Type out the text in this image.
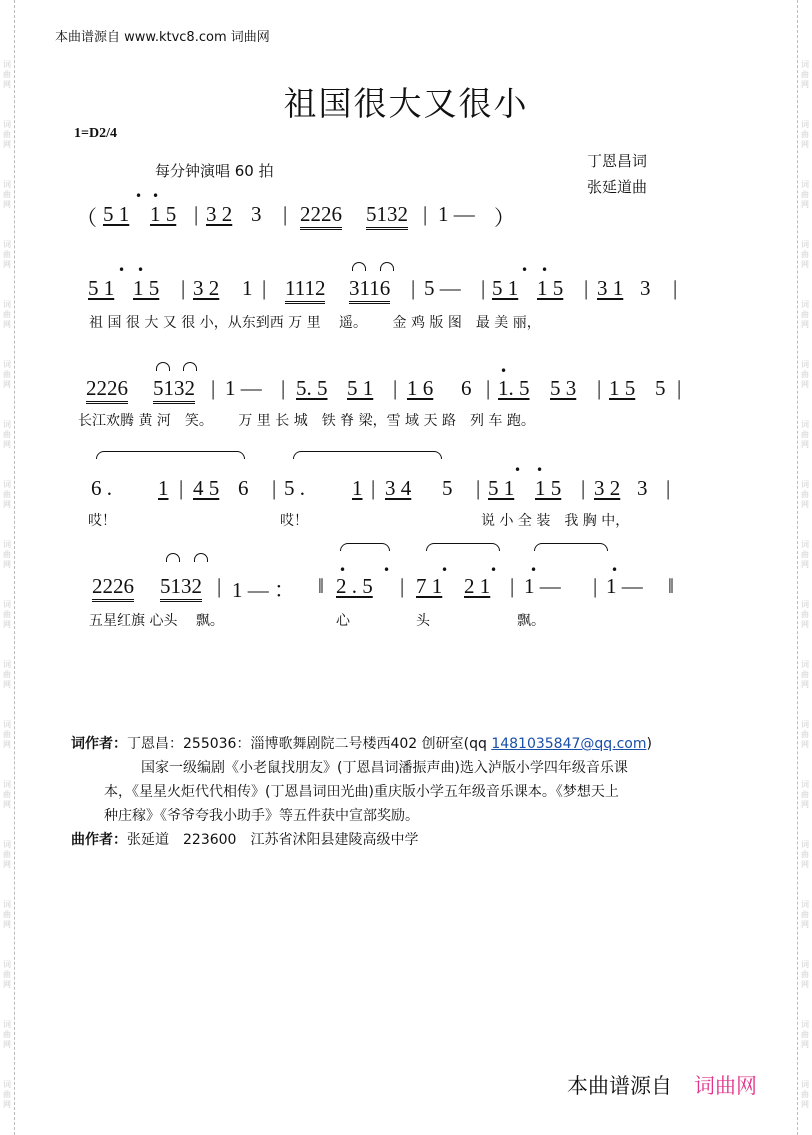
词
曲
网
词
曲
网
词
曲
网
词
曲
网
词
曲
网
词
曲
网
词
曲
网
词
曲
网
词
曲
网
词
曲
网
词
曲
网
词
曲
网
词
曲
网
词
曲
网
词
曲
网
词
曲
网
词
曲
网
词
曲
网
词
曲
网
词
曲
网
词
曲
网
词
曲
网
词
曲
网
词
曲
网
词
曲
网
词
曲
网
词
曲
网
词
曲
网
词
曲
网
词
曲
网
词
曲
网
词
曲
网
词
曲
网
词
曲
网
词
曲
网
词
曲
网
本曲谱源自 www.ktvc8.com 词曲网
祖国很大又很小
1=D2/4
每分钟演唱 60 拍
丁恩昌词
张延道曲
（ 5 1 1 5 | 3 2 3 | 2226 5132 | 1 — ）
• •
5 1 1 5 | 3 2 1 | 1112 3116 | 5 — | 5 1 1 5 | 3 1 3 |
• •	• •
祖 国 很 大 又 很 小，从东到西 万 里　 遥。　　 金 鸡 版 图　最 美 丽，
2226 5132 | 1 — | 5. 5 5 1 | 1 6 6 | 1. 5 5 3 | 1 5 5 |
•
长江欢腾 黄 河　笑。　　 万 里 长 城　铁 脊 梁，雪 域 天 路　列 车 跑。
6 . 1 | 4 5 6 | 5 . 1 | 3 4 5 | 5 1 1 5 | 3 2 3 |
• •
哎！	哎！	说 小 全 装　我 胸 中，
2226 5132 | 1 — ： ‖ 2 . 5 | 7 1 2 1 | 1 — | 1 — ‖
•	•	•	•	•	•
五星红旗 心头　 飘。	心	头	飘。
词作者：丁恩昌：255036：淄博歌舞剧院二号楼西402 创研室(qq 1481035847@qq.com)
国家一级编剧《小老鼠找朋友》(丁恩昌词潘振声曲)选入泸版小学四年级音乐课
本，《星星火炬代代相传》(丁恩昌词田光曲)重庆版小学五年级音乐课本。《梦想天上
种庄稼》《爷爷夸我小助手》等五件获中宣部奖励。
曲作者：张延道　223600　江苏省沭阳县建陵高级中学
本曲谱源自 词曲网
